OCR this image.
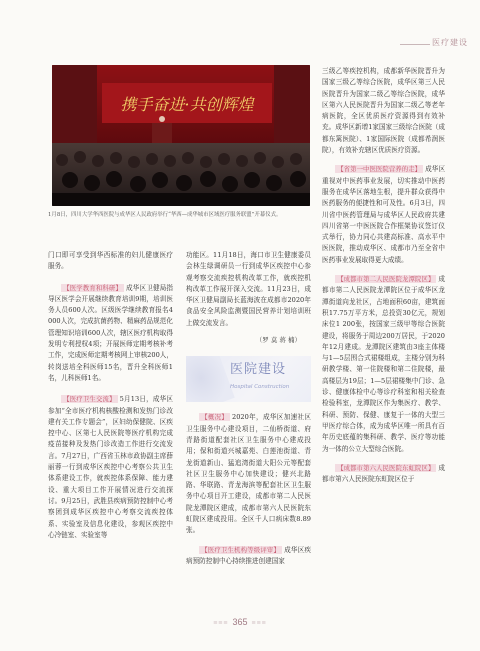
医疗建设
携手奋进·共创辉煌
1月8日，四川大学华西医院与成华区人民政府举行“华西—成华城市区域医疗服务联盟”开幕仪式。

门口即可享受到华西标准的妇儿健康医疗服务。

【 医学教育和科研 】 成华区卫健局指导区医学会开展继续教育培训9期，培训医务人员600人次。区级医学继续教育报名4 000人次，完成抗菌药物、精麻药品规范化管理知识培训600人次，辖区医疗机构取得发明专利授权4项；开展医师定期考核补考工作，完成医师定期考核网上审核200人，转岗送培全科医师15名，晋升全科医师1名，儿科医师1名。

【 医疗卫生交流 】 5月13日，成华区参加“全市医疗机构核酸检测和发热门诊改建有关工作专题会”，区妇幼保健院、区疾控中心、区第七人民医院等医疗机构完成疫苗接种及发热门诊改造工作进行交流发言。7月27日，广西省玉林市政协副主席薛丽蓉一行到成华区疾控中心考察公共卫生体系建设工作，就疾控体系保障、能力建设、重大项目工作开展情况进行交流探讨。9月25日，武胜县疾病预防控制中心考察团到成华区疾控中心考察交流疾控体系、实验室及信息化建设，参观区疾控中心冷链室、实验室等

功能区。11月18日，海口市卫生健康委员会林生绿调研员一行到成华区疾控中心参观考察交流疾控机构改革工作，就疾控机构改革工作展开深入交流。11月23日，成华区卫健局副局长蓝海波在成都市2020年食品安全风险监测暨国民营养计划培训班上做交流发言。

（罗 莫 蒋 楠）
医院建设
Hospital Construction

【 概况 】 2020年，成华区加速社区卫生服务中心建设项目，二仙桥街道、府青路街道配套社区卫生服务中心建成投用；保和街道兴城嘉苑、白莲池街道、青龙街道新山、猛追湾街道大阳公元等配套社区卫生服务中心加快建设；健兴北路路、华联路、青龙海滨等配套社区卫生服务中心项目开工建设，成都市第二人民医院龙潭院区建成，成都市第六人民医院东虹院区建成投用。全区千人口病床数8.89张。

【 医疗卫生机构等级评审 】 成华区疾病预防控制中心持续推进创建国家

三级乙等疾控机构，成都新华医院晋升为国家三级乙等综合医院，成华区第三人民医院晋升为国家二级乙等综合医院，成华区第六人民医院晋升为国家二级乙等老年病医院，全区优质医疗资源得到有效补充。成华区新增1家国家三级综合医院（成都东篱医院）、1家国际医院（成都希润医院），有效补充辖区优质医疗资源。

【 省第一中医医院营养的走 】 成华区重视对中医药事业发展，切实推动中医药服务在成华区落地生根，提升群众获得中医药服务的便捷性和可及性。6月3日，四川省中医药管理局与成华区人民政府共建四川省第一中医医院合作框架协议签订仪式举行，协力同心共建高标准、高水平中医医院，推动成华区、成都市乃至全省中医药事业发展取得更大成绩。

【 成都市第二人民医院龙潭院区 】 成都市第二人民医院龙潭院区位于成华区龙潭街道向龙社区，占地面积60亩，建筑面积17.75万平方米，总投资30亿元，规划床位1 200张，按国家三级甲等综合医院建设，将服务于周边200万居民，于2020年12月建成。龙潭院区建筑由3座主体楼与1—5层围合式裙楼组成，主楼分别为科研教学楼、第一住院楼和第二住院楼，最高楼层为19层；1—5层裙楼集中门诊、急诊、健康体检中心等诊疗科室和相关检查检验科室，龙潭院区作为集医疗、教学、科研、预防、保健、康复于一体的大型三甲医疗综合体，成为成华区唯一所具有百年历史底蕴的集科研、教学、医疗等功能为一体的公立大型综合医院。

【 成都市第六人民医院东虹院区 】 成都市第六人民医院东虹院区位于

≡≡≡ 365 ≡≡≡
